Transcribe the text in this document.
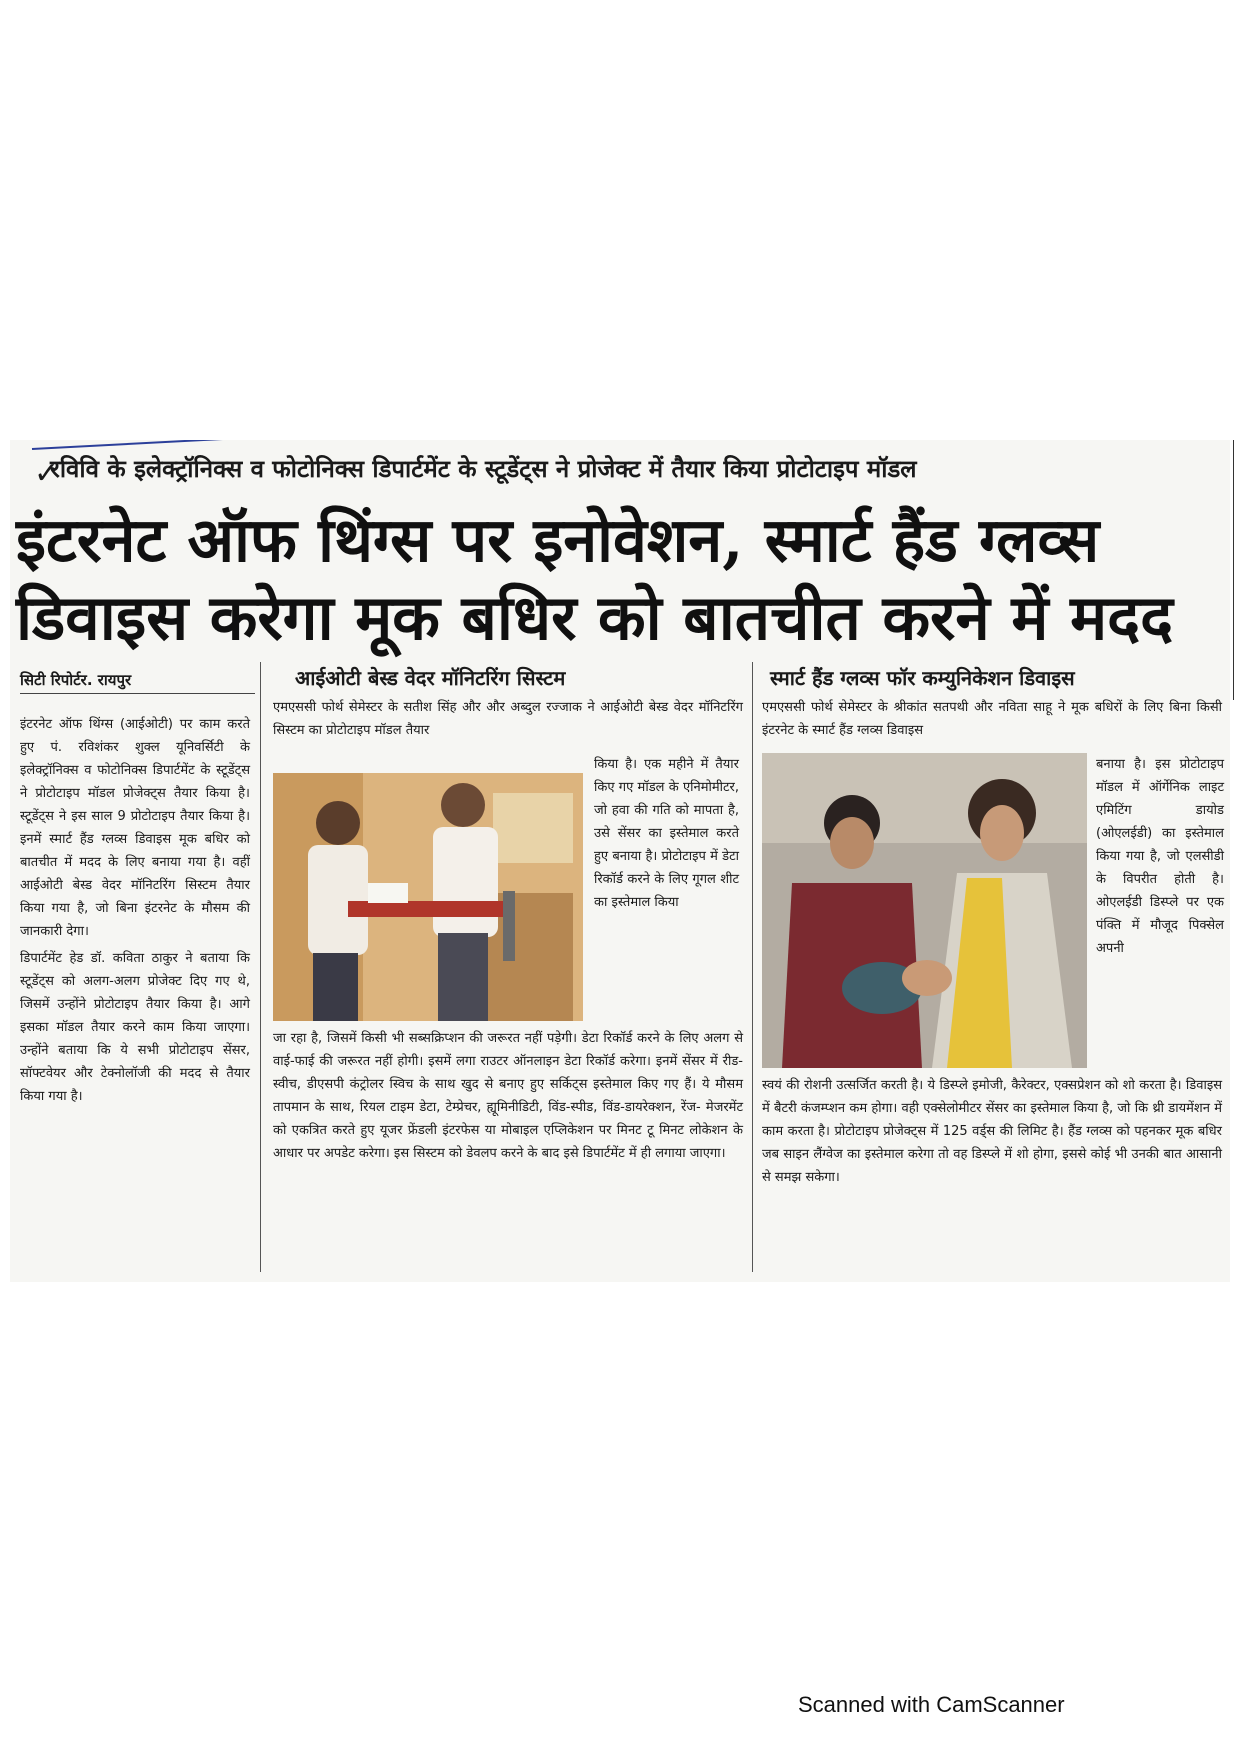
✓
रविवि के इलेक्ट्रॉनिक्स व फोटोनिक्स डिपार्टमेंट के स्टूडेंट्स ने प्रोजेक्ट में तैयार किया प्रोटोटाइप मॉडल
इंटरनेट ऑफ थिंग्स पर इनोवेशन, स्मार्ट हैंड ग्लव्स
डिवाइस करेगा मूक बधिर को बातचीत करने में मदद
सिटी रिपोर्टर. रायपुर	आईओटी बेस्ड वेदर मॉनिटरिंग सिस्टम	स्मार्ट हैंड ग्लव्स फॉर कम्युनिकेशन डिवाइस
इंटरनेट ऑफ थिंग्स (आईओटी) पर काम करते हुए पं. रविशंकर शुक्ल यूनिवर्सिटी के इलेक्ट्रॉनिक्स व फोटोनिक्स डिपार्टमेंट के स्टूडेंट्स ने प्रोटोटाइप मॉडल प्रोजेक्ट्स तैयार किया है। स्टूडेंट्स ने इस साल 9 प्रोटोटाइप तैयार किया है। इनमें स्मार्ट हैंड ग्लव्स डिवाइस मूक बधिर को बातचीत में मदद के लिए बनाया गया है। वहीं आईओटी बेस्ड वेदर मॉनिटरिंग सिस्टम तैयार किया गया है, जो बिना इंटरनेट के मौसम की जानकारी देगा।
डिपार्टमेंट हेड डॉ. कविता ठाकुर ने बताया कि स्टूडेंट्स को अलग-अलग प्रोजेक्ट दिए गए थे, जिसमें उन्होंने प्रोटोटाइप तैयार किया है। आगे इसका मॉडल तैयार करने काम किया जाएगा। उन्होंने बताया कि ये सभी प्रोटोटाइप सेंसर, सॉफ्टवेयर और टेक्नोलॉजी की मदद से तैयार किया गया है।
एमएससी फोर्थ सेमेस्टर के सतीश सिंह और और अब्दुल रज्जाक ने आईओटी बेस्ड वेदर मॉनिटरिंग सिस्टम का प्रोटोटाइप मॉडल तैयार
किया है। एक महीने में तैयार किए गए मॉडल के एनिमोमीटर, जो हवा की गति को मापता है, उसे सेंसर का इस्तेमाल करते हुए बनाया है। प्रोटोटाइप में डेटा रिकॉर्ड करने के लिए गूगल शीट का इस्तेमाल किया
जा रहा है, जिसमें किसी भी सब्सक्रिप्शन की जरूरत नहीं पड़ेगी। डेटा रिकॉर्ड करने के लिए अलग से वाई-फाई की जरूरत नहीं होगी। इसमें लगा राउटर ऑनलाइन डेटा रिकॉर्ड करेगा। इनमें सेंसर में रीड-स्वीच, डीएसपी कंट्रोलर स्विच के साथ खुद से बनाए हुए सर्किट्स इस्तेमाल किए गए हैं। ये मौसम तापमान के साथ, रियल टाइम डेटा, टेम्प्रेचर, ह्यूमिनीडिटी, विंड-स्पीड, विंड-डायरेक्शन, रेंज- मेजरमेंट को एकत्रित करते हुए यूजर फ्रेंडली इंटरफेस या मोबाइल एप्लिकेशन पर मिनट टू मिनट लोकेशन के आधार पर अपडेट करेगा। इस सिस्टम को डेवलप करने के बाद इसे डिपार्टमेंट में ही लगाया जाएगा।
एमएससी फोर्थ सेमेस्टर के श्रीकांत सतपथी और नविता साहू ने मूक बधिरों के लिए बिना किसी इंटरनेट के स्मार्ट हैंड ग्लव्स डिवाइस
बनाया है। इस प्रोटोटाइप मॉडल में ऑर्गेनिक लाइट एमिटिंग डायोड (ओएलईडी) का इस्तेमाल किया गया है, जो एलसीडी के विपरीत होती है। ओएलईडी डिस्प्ले पर एक पंक्ति में मौजूद पिक्सेल अपनी
स्वयं की रोशनी उत्सर्जित करती है। ये डिस्प्ले इमोजी, कैरेक्टर, एक्सप्रेशन को शो करता है। डिवाइस में बैटरी कंजम्प्शन कम होगा। वही एक्सेलोमीटर सेंसर का इस्तेमाल किया है, जो कि थ्री डायमेंशन में काम करता है। प्रोटोटाइप प्रोजेक्ट्स में 125 वर्ड्स की लिमिट है। हैंड ग्लव्स को पहनकर मूक बधिर जब साइन लैंग्वेज का इस्तेमाल करेगा तो वह डिस्प्ले में शो होगा, इससे कोई भी उनकी बात आसानी से समझ सकेगा।
Scanned with CamScanner
